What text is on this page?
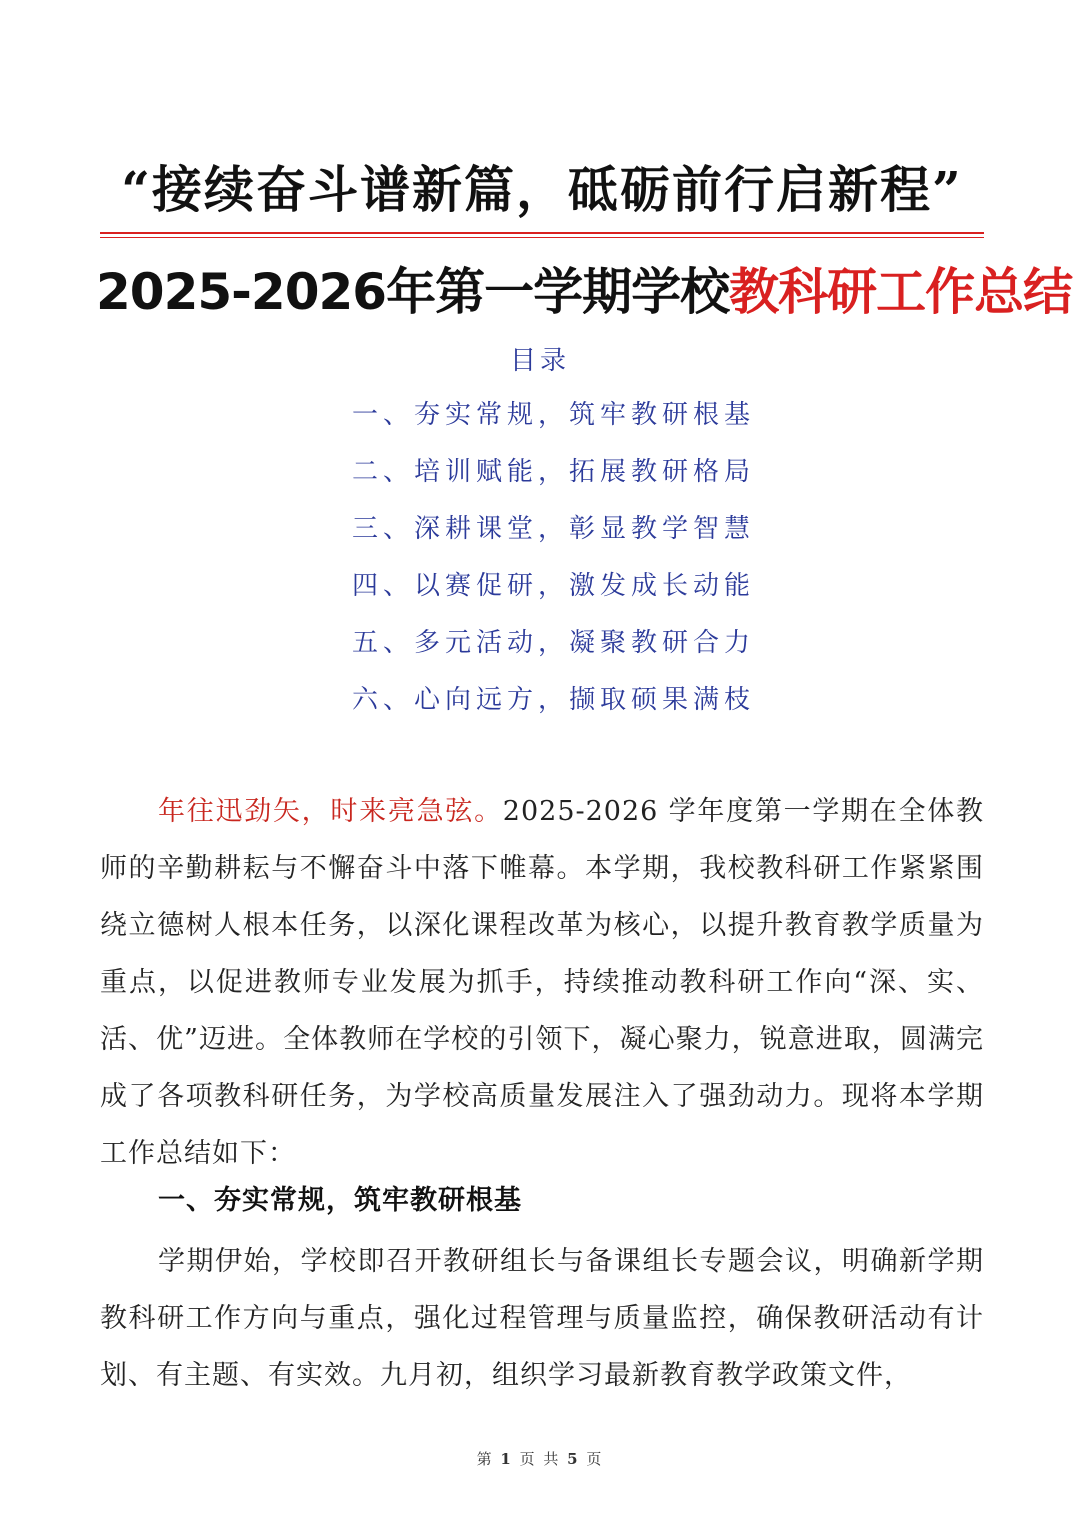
“接续奋斗谱新篇，砥砺前行启新程”
2025-2026年第一学期学校教科研工作总结
目录
一、夯实常规，筑牢教研根基
二、培训赋能，拓展教研格局
三、深耕课堂，彰显教学智慧
四、以赛促研，激发成长动能
五、多元活动，凝聚教研合力
六、心向远方，撷取硕果满枝
年往迅劲矢，时来亮急弦。2025-2026 学年度第一学期在全体教师的辛勤耕耘与不懈奋斗中落下帷幕。本学期，我校教科研工作紧紧围绕立德树人根本任务，以深化课程改革为核心，以提升教育教学质量为重点，以促进教师专业发展为抓手，持续推动教科研工作向“深、实、活、优”迈进。全体教师在学校的引领下，凝心聚力，锐意进取，圆满完成了各项教科研任务，为学校高质量发展注入了强劲动力。现将本学期工作总结如下：
一、夯实常规，筑牢教研根基
学期伊始，学校即召开教研组长与备课组长专题会议，明确新学期教科研工作方向与重点，强化过程管理与质量监控，确保教研活动有计划、有主题、有实效。九月初，组织学习最新教育教学政策文件，
第 1 页 共 5 页
